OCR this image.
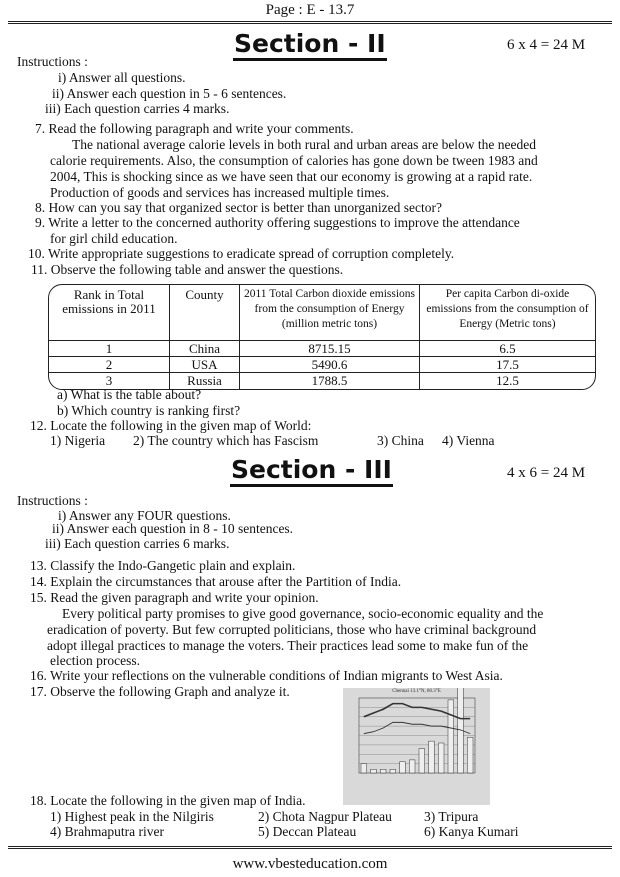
Page : E - 13.7
Section - II	6 x 4 = 24 M
Instructions :
i) Answer all questions.
ii) Answer each question in 5 - 6 sentences.
iii) Each question carries 4 marks.
7. Read the following paragraph and write your comments.
The national average calorie levels in both rural and urban areas are below the needed
calorie requirements. Also, the consumption of calories has gone down be tween 1983 and
2004, This is shocking since as we have seen that our economy is growing at a rapid rate.
Production of goods and services has increased multiple times.
8. How can you say that organized sector is better than unorganized sector?
9. Write a letter to the concerned authority offering suggestions to improve the attendance
for girl child education.
10. Write appropriate suggestions to eradicate spread of corruption completely.
11. Observe the following table and answer the questions.
Rank in Total emissions in 2011	County	2011 Total Carbon dioxide emissions from the consumption of Energy (million metric tons)	Per capita Carbon di-oxide emissions from the consumption of Energy (Metric tons)
1	China	8715.15	6.5
2	USA	5490.6	17.5
3	Russia	1788.5	12.5
a) What is the table about?
b) Which country is ranking first?
12. Locate the following in the given map of World:
1) Nigeria 2) The country which has Fascism	3) China 4) Vienna
Section - III	4 x 6 = 24 M
Instructions :
i) Answer any FOUR questions.
ii) Answer each question in 8 - 10 sentences.
iii) Each question carries 6 marks.
13. Classify the Indo-Gangetic plain and explain.
14. Explain the circumstances that arouse after the Partition of India.
15. Read the given paragraph and write your opinion.
Every political party promises to give good governance, socio-economic equality and the
eradication of poverty. But few corrupted politicians, those who have criminal background
adopt illegal practices to manage the voters. Their practices lead some to make fun of the
election process.
16. Write your reflections on the vulnerable conditions of Indian migrants to West Asia.
17. Observe the following Graph and analyze it.	Chennai 13.1°N, 80.3°E
18. Locate the following in the given map of India.
1) Highest peak in the Nilgiris	2) Chota Nagpur Plateau 3) Tripura
4) Brahmaputra river	5) Deccan Plateau	6) Kanya Kumari
www.vbesteducation.com
